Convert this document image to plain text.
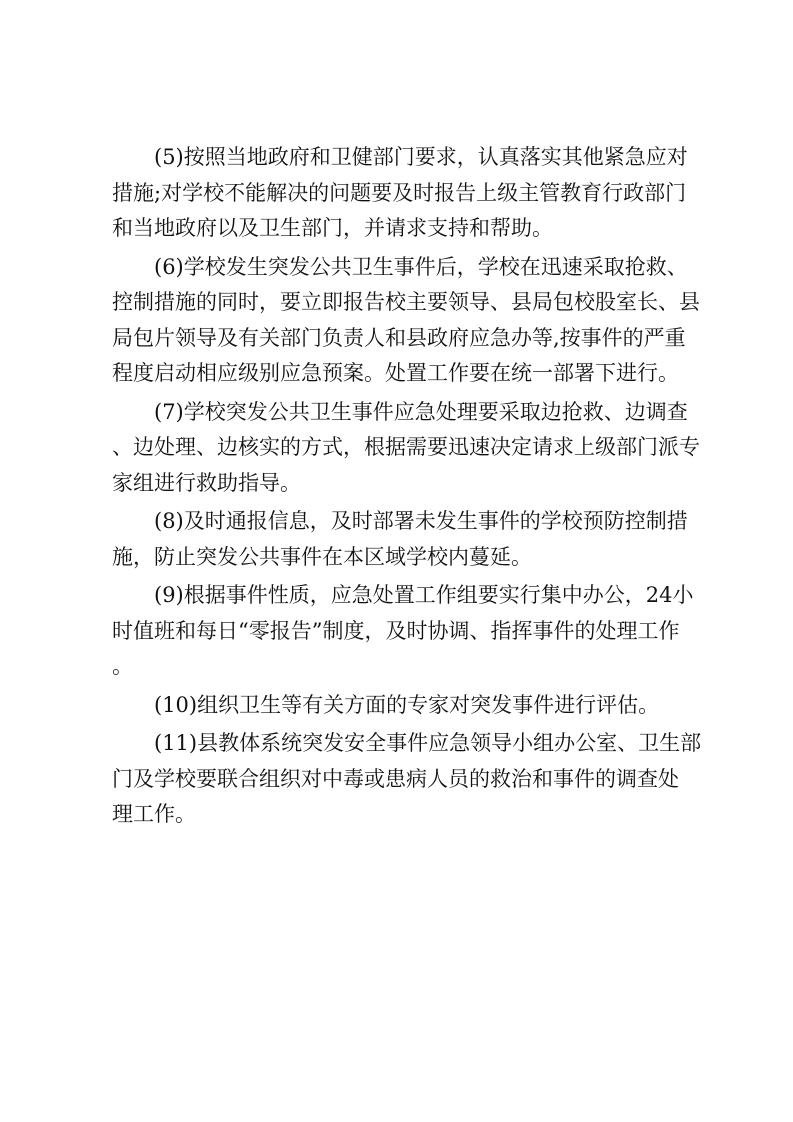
(5)按照当地政府和卫健部门要求，认真落实其他紧急应对
措施;对学校不能解决的问题要及时报告上级主管教育行政部门
和当地政府以及卫生部门，并请求支持和帮助。
(6)学校发生突发公共卫生事件后，学校在迅速采取抢救、
控制措施的同时，要立即报告校主要领导、县局包校股室长、县
局包片领导及有关部门负责人和县政府应急办等,按事件的严重
程度启动相应级别应急预案。处置工作要在统一部署下进行。
(7)学校突发公共卫生事件应急处理要采取边抢救、边调查
、边处理、边核实的方式，根据需要迅速决定请求上级部门派专
家组进行救助指导。
(8)及时通报信息，及时部署未发生事件的学校预防控制措
施，防止突发公共事件在本区域学校内蔓延。
(9)根据事件性质，应急处置工作组要实行集中办公，24小
时值班和每日“零报告”制度，及时协调、指挥事件的处理工作
。
(10)组织卫生等有关方面的专家对突发事件进行评估。
(11)县教体系统突发安全事件应急领导小组办公室、卫生部
门及学校要联合组织对中毒或患病人员的救治和事件的调查处
理工作。
